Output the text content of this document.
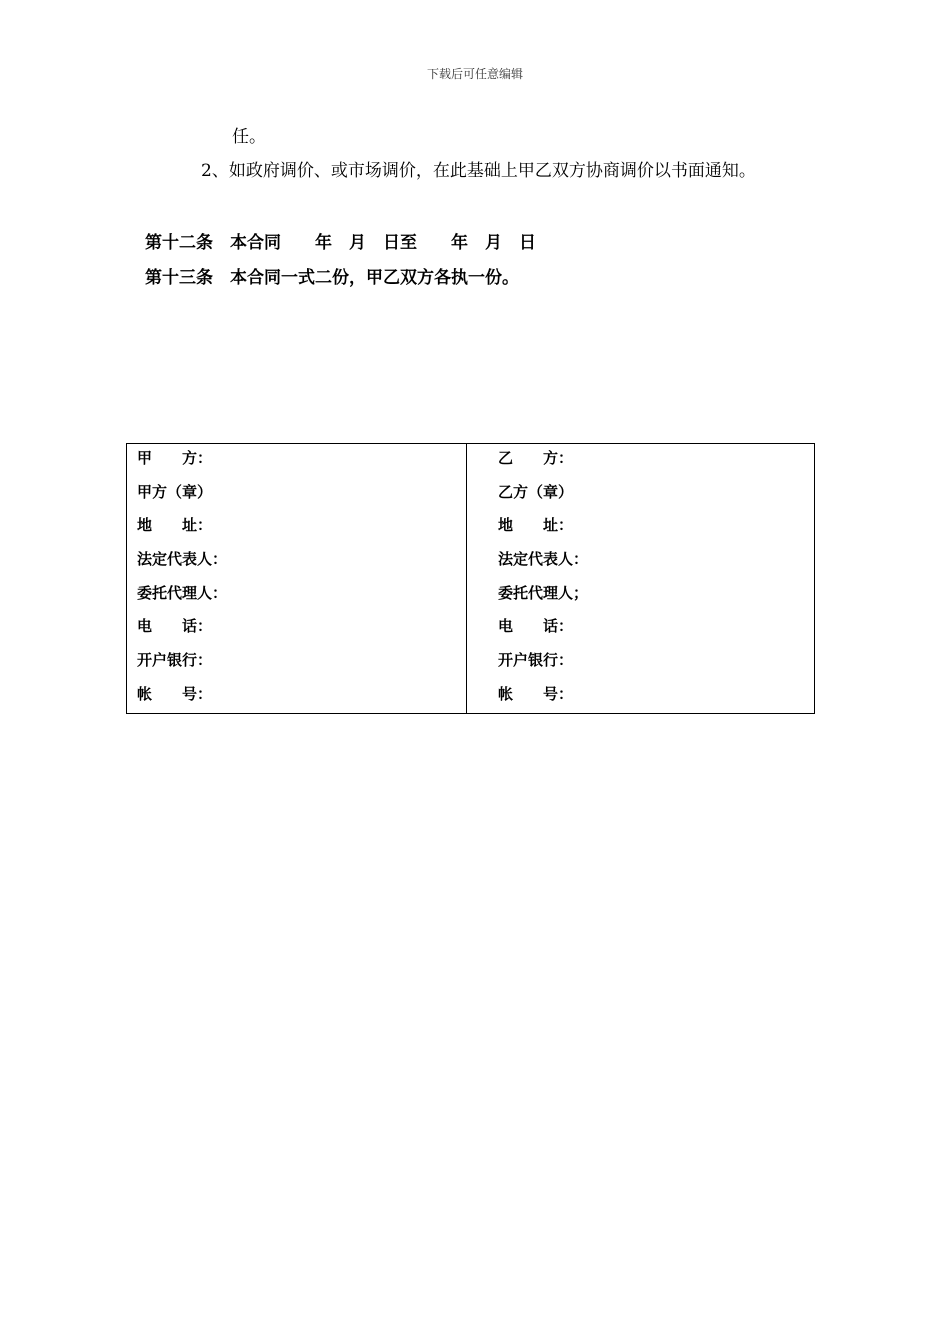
下载后可任意编辑
任。
2、如政府调价、或市场调价，在此基础上甲乙双方协商调价以书面通知。
第十二条　本合同　　年　月　日至　　年　月　日
第十三条　本合同一式二份，甲乙双方各执一份。
甲　　方：
甲方（章）
地　　址：
法定代表人：
委托代理人：
电　　话：
开户银行：
帐　　号：
乙　　方：
乙方（章）
地　　址：
法定代表人：
委托代理人；
电　　话：
开户银行：
帐　　号：
